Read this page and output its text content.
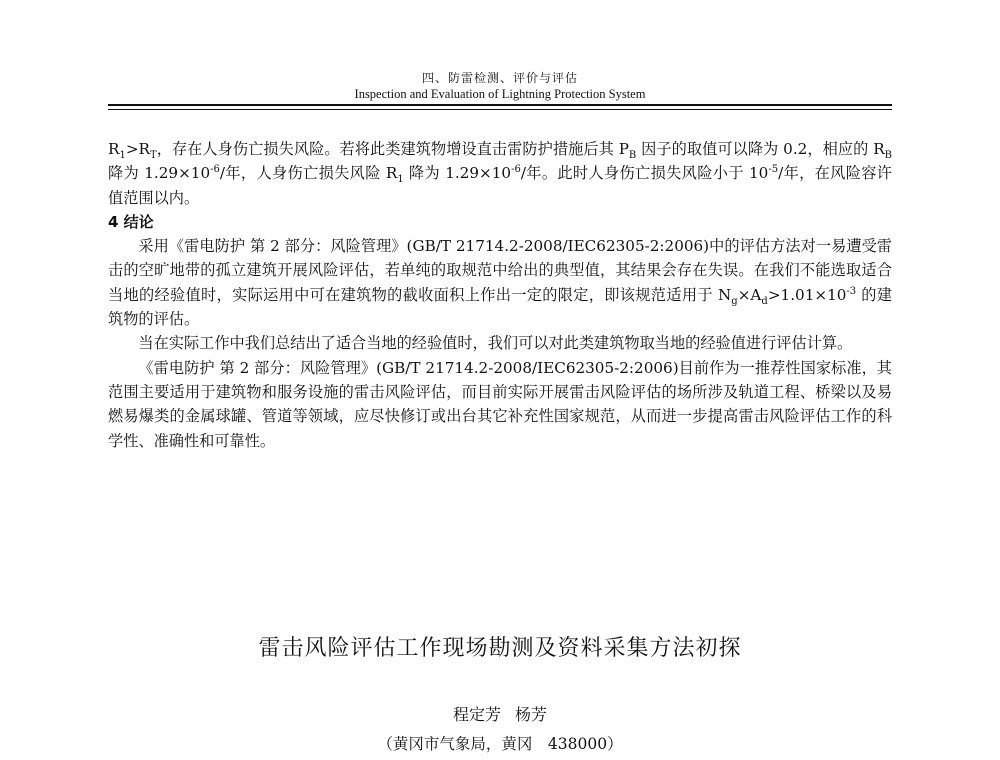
四、防雷检测、评价与评估
Inspection and Evaluation of Lightning Protection System

$R_1>R_T$，存在人身伤亡损失风险。若将此类建筑物增设直击雷防护措施后其 $P_B$ 因子的取值可以降为 0.2，相应的 $R_B$ 降为 $1.29\times 10^{-6}/$年，人身伤亡损失风险 $R_1$ 降为 $1.29\times 10^{-6}/$年。此时人身伤亡损失风险小于 $10^{-5}/$年，在风险容许值范围以内。

4 结论

采用《雷电防护 第 2 部分：风险管理》(GB/T 21714.2-2008/IEC62305-2:2006)中的评估方法对一易遭受雷击的空旷地带的孤立建筑开展风险评估，若单纯的取规范中给出的典型值，其结果会存在失误。在我们不能选取适合当地的经验值时，实际运用中可在建筑物的截收面积上作出一定的限定，即该规范适用于 $N_g\times A_d>1.01\times 10^{-3}$ 的建筑物的评估。

当在实际工作中我们总结出了适合当地的经验值时，我们可以对此类建筑物取当地的经验值进行评估计算。

《雷电防护 第 2 部分：风险管理》(GB/T 21714.2-2008/IEC62305-2:2006)目前作为一推荐性国家标准，其范围主要适用于建筑物和服务设施的雷击风险评估，而目前实际开展雷击风险评估的场所涉及轨道工程、桥梁以及易燃易爆类的金属球罐、管道等领域，应尽快修订或出台其它补充性国家规范，从而进一步提高雷击风险评估工作的科学性、准确性和可靠性。

雷击风险评估工作现场勘测及资料采集方法初探
程定芳 杨芳
（黄冈市气象局，黄冈　438000）
